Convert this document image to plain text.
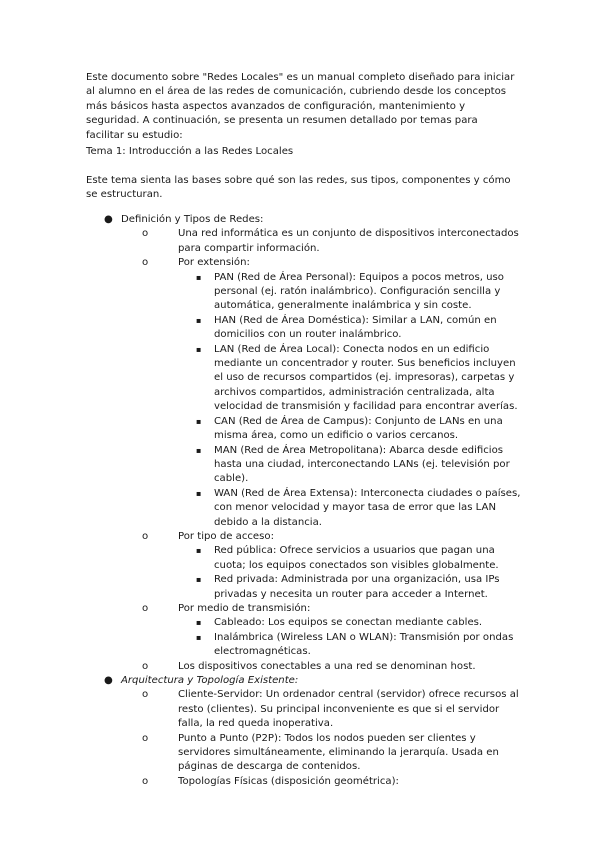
Este documento sobre "Redes Locales" es un manual completo diseñado para iniciar al alumno en el área de las redes de comunicación, cubriendo desde los conceptos más básicos hasta aspectos avanzados de configuración, mantenimiento y seguridad. A continuación, se presenta un resumen detallado por temas para facilitar su estudio:

Tema 1: Introducción a las Redes Locales

Este tema sienta las bases sobre qué son las redes, sus tipos, componentes y cómo se estructuran.

● Definición y Tipos de Redes:
o	Una red informática es un conjunto de dispositivos interconectados para compartir información.
o	Por extensión:
▪ PAN (Red de Área Personal): Equipos a pocos metros, uso personal (ej. ratón inalámbrico). Configuración sencilla y automática, generalmente inalámbrica y sin coste.
▪ HAN (Red de Área Doméstica): Similar a LAN, común en domicilios con un router inalámbrico.
▪ LAN (Red de Área Local): Conecta nodos en un edificio mediante un concentrador y router. Sus beneficios incluyen el uso de recursos compartidos (ej. impresoras), carpetas y archivos compartidos, administración centralizada, alta velocidad de transmisión y facilidad para encontrar averías.
▪ CAN (Red de Área de Campus): Conjunto de LANs en una misma área, como un edificio o varios cercanos.
▪ MAN (Red de Área Metropolitana): Abarca desde edificios hasta una ciudad, interconectando LANs (ej. televisión por cable).
▪ WAN (Red de Área Extensa): Interconecta ciudades o países, con menor velocidad y mayor tasa de error que las LAN debido a la distancia.
o	Por tipo de acceso:
▪ Red pública: Ofrece servicios a usuarios que pagan una cuota; los equipos conectados son visibles globalmente.
▪ Red privada: Administrada por una organización, usa IPs privadas y necesita un router para acceder a Internet.
o	Por medio de transmisión:
▪ Cableado: Los equipos se conectan mediante cables.
▪ Inalámbrica (Wireless LAN o WLAN): Transmisión por ondas electromagnéticas.
o	Los dispositivos conectables a una red se denominan host.
● Arquitectura y Topología Existente:
o	Cliente-Servidor: Un ordenador central (servidor) ofrece recursos al resto (clientes). Su principal inconveniente es que si el servidor falla, la red queda inoperativa.
o	Punto a Punto (P2P): Todos los nodos pueden ser clientes y servidores simultáneamente, eliminando la jerarquía. Usada en páginas de descarga de contenidos.
o	Topologías Físicas (disposición geométrica):
